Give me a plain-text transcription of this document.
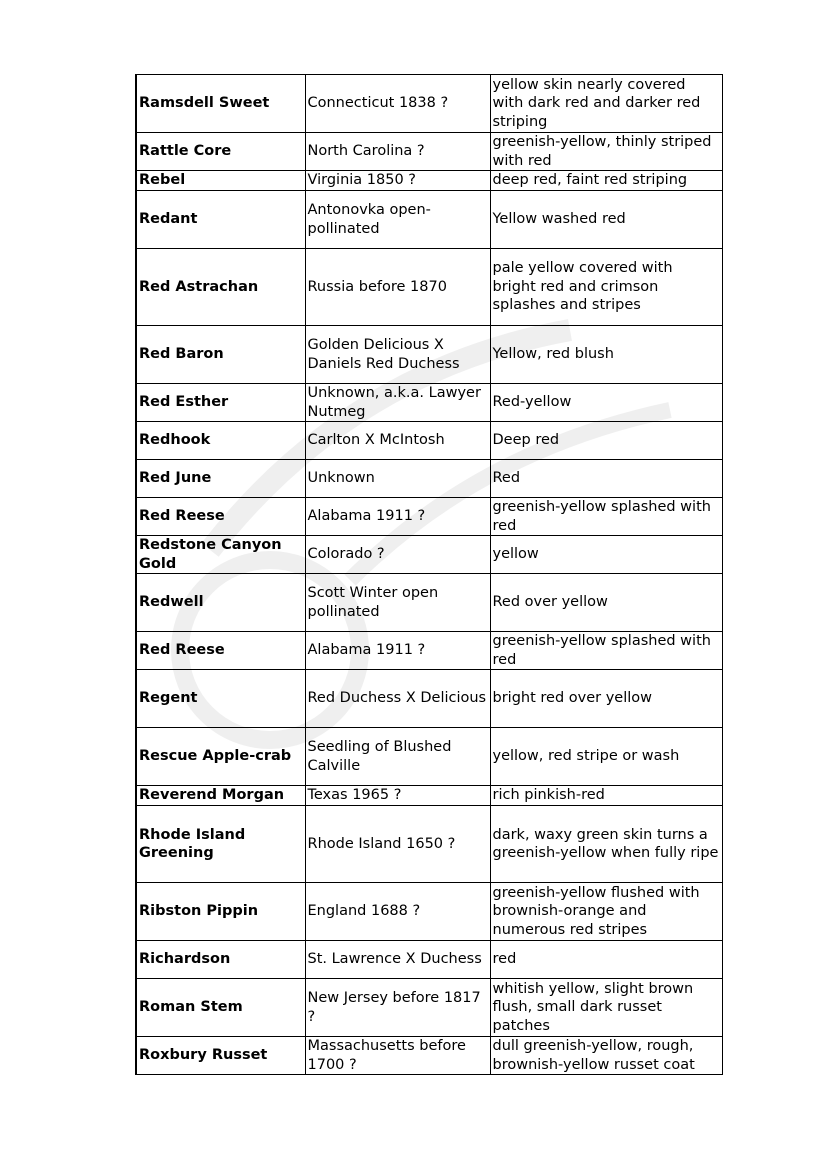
Ramsdell Sweet	Connecticut 1838 ?	yellow skin nearly covered with dark red and darker red striping
Rattle Core	North Carolina ?	greenish-yellow, thinly striped with red
Rebel	Virginia 1850 ?	deep red, faint red striping
Redant	Antonovka open-pollinated	Yellow washed red
Red Astrachan	Russia before 1870	pale yellow covered with bright red and crimson splashes and stripes
Red Baron	Golden Delicious X Daniels Red Duchess	Yellow, red blush
Red Esther	Unknown, a.k.a. Lawyer Nutmeg	Red-yellow
Redhook	Carlton X McIntosh	Deep red
Red June	Unknown	Red
Red Reese	Alabama 1911 ?	greenish-yellow splashed with red
Redstone Canyon Gold	Colorado ?	yellow
Redwell	Scott Winter open pollinated	Red over yellow
Red Reese	Alabama 1911 ?	greenish-yellow splashed with red
Regent	Red Duchess X Delicious	bright red over yellow
Rescue Apple-crab	Seedling of Blushed Calville	yellow, red stripe or wash
Reverend Morgan	Texas 1965 ?	rich pinkish-red
Rhode Island Greening	Rhode Island 1650 ?	dark, waxy green skin turns a greenish-yellow when fully ripe
Ribston Pippin	England 1688 ?	greenish-yellow flushed with brownish-orange and numerous red stripes
Richardson	St. Lawrence X Duchess	red
Roman Stem	New Jersey before 1817 ?	whitish yellow, slight brown flush, small dark russet patches
Roxbury Russet	Massachusetts before 1700 ?	dull greenish-yellow, rough, brownish-yellow russet coat
